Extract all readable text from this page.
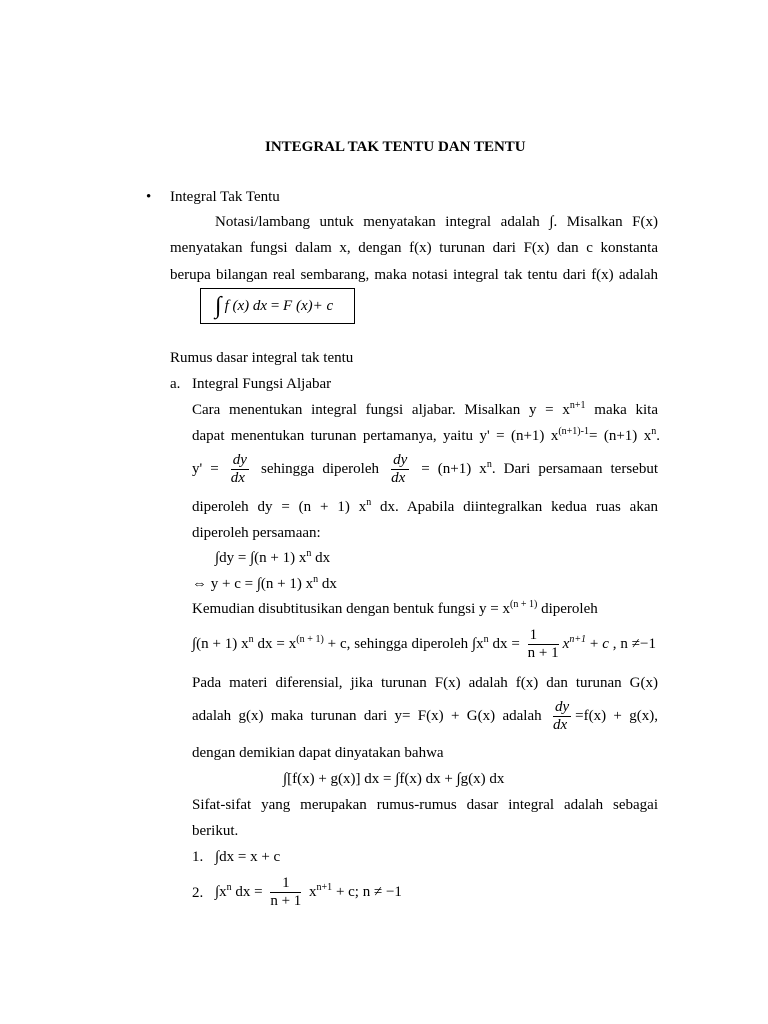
INTEGRAL TAK TENTU DAN TENTU
• Integral Tak Tentu
Notasi/lambang untuk menyatakan integral adalah ∫. Misalkan F(x)
menyatakan fungsi dalam x, dengan f(x) turunan dari F(x) dan c konstanta
berupa bilangan real sembarang, maka notasi integral tak tentu dari f(x) adalah
∫ f (x) dx = F (x)+ c
Rumus dasar integral tak tentu
a. Integral Fungsi Aljabar
Cara menentukan integral fungsi aljabar. Misalkan $y = x^{n+1}$ maka kita
dapat menentukan turunan pertamanya, yaitu y' = (n+1) $x^{(n+1)-1}= (n+1)$ $x^n$.
$y' = \frac{dy}{dx}$ sehingga diperoleh $\frac{dy}{dx} = (n+1)$ $x^n$. Dari persamaan tersebut
diperoleh dy = (n + 1) $x^n$ dx. Apabila diintegralkan kedua ruas akan
diperoleh persamaan:
∫dy = ∫(n + 1) $x^n$ dx
⇔ y + c = ∫(n + 1) $x^n$ dx
Kemudian disubtitusikan dengan bentuk fungsi $y = x^{(n + 1)}$ diperoleh
∫(n + 1) $x^n$ dx = $x^{(n + 1)} + c$, sehingga diperoleh $\int x^n$ dx = $\frac{1}{n + 1} x^{n+1} + c$ , n ≠−1
Pada materi diferensial, jika turunan F(x) adalah f(x) dan turunan G(x)
adalah g(x) maka turunan dari y= F(x) + G(x) adalah $\frac{dy}{dx} =f(x) + g(x)$,
dengan demikian dapat dinyatakan bahwa
∫[f(x) + g(x)] dx = ∫f(x) dx + ∫g(x) dx
Sifat-sifat yang merupakan rumus-rumus dasar integral adalah sebagai
berikut.
1. ∫dx = x + c
2. $\int x^n$ dx = $\frac{1}{n + 1} x^{n+1} + c$; n ≠ −1
